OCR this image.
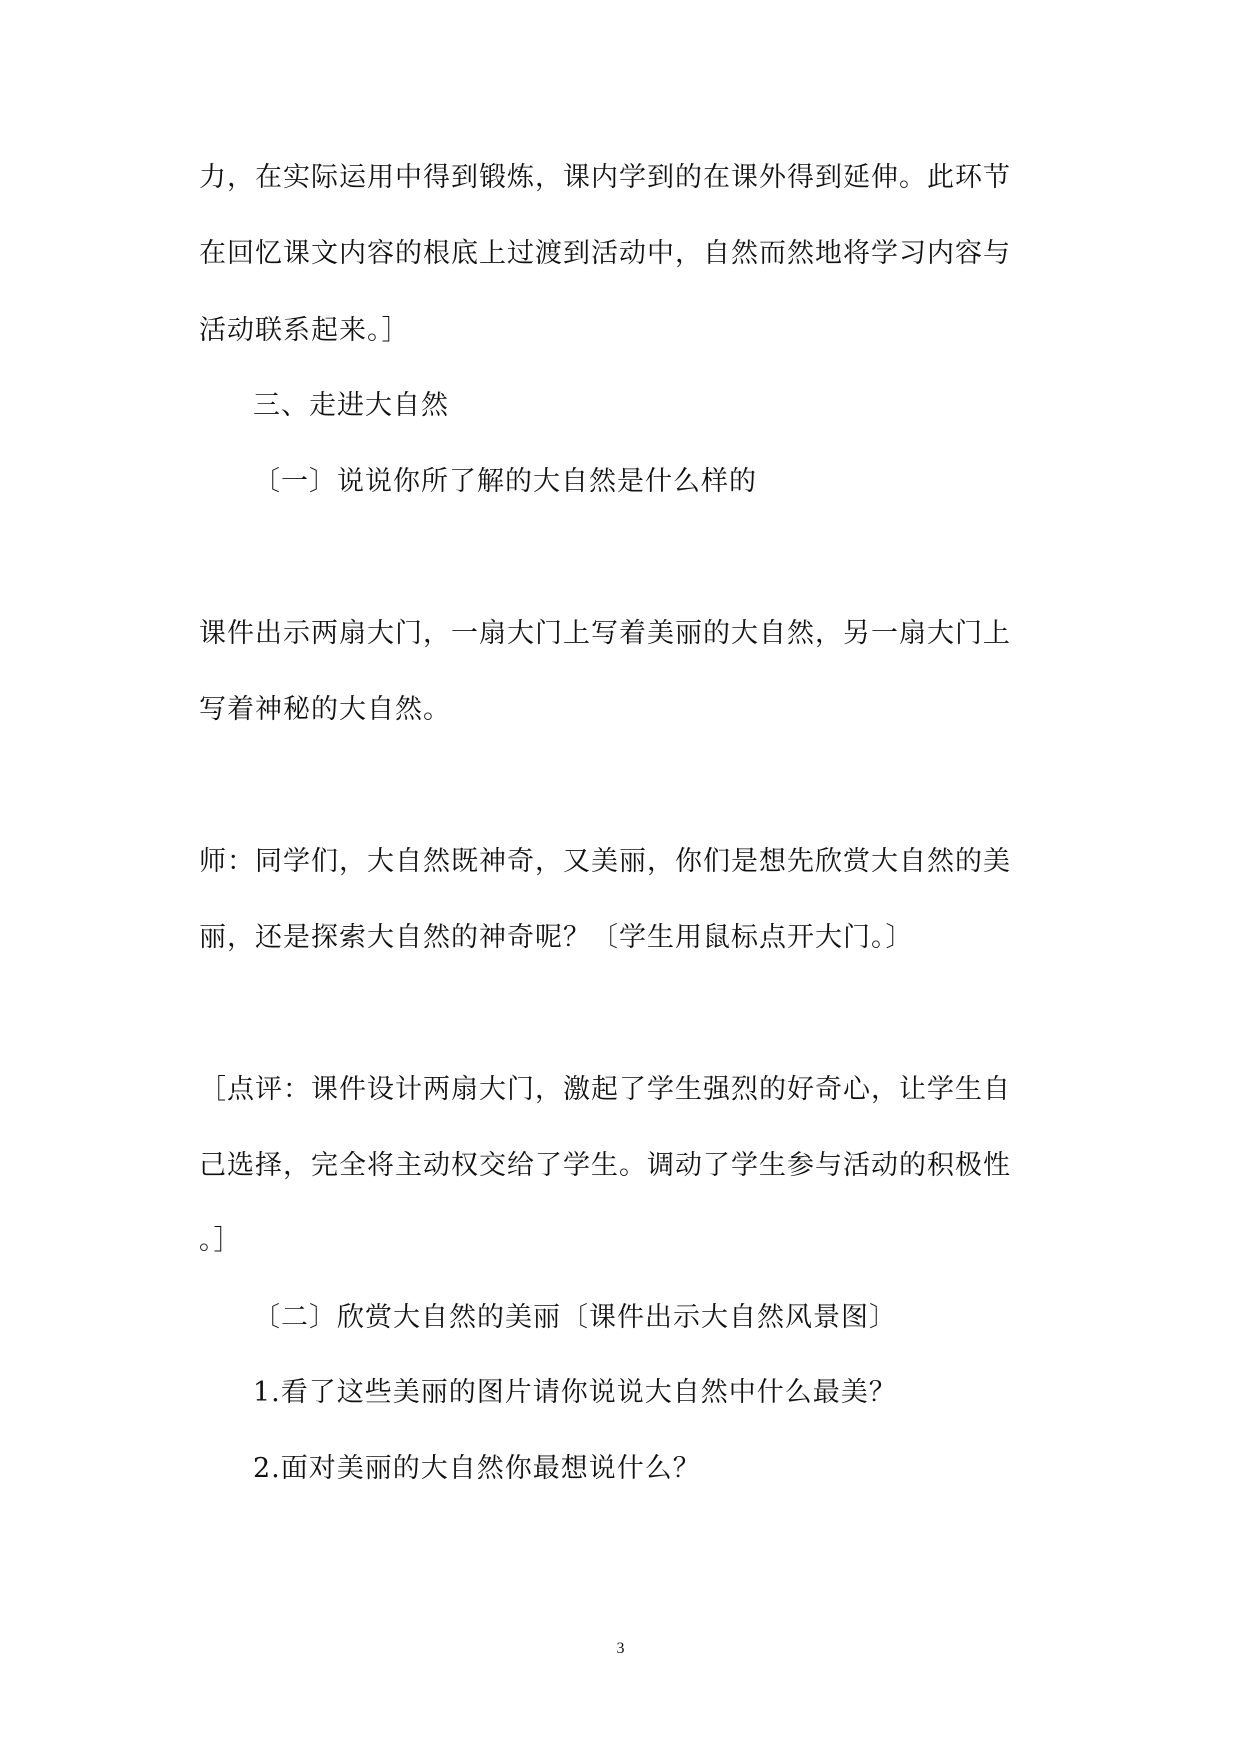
力，在实际运用中得到锻炼，课内学到的在课外得到延伸。此环节
在回忆课文内容的根底上过渡到活动中，自然而然地将学习内容与
活动联系起来。］
三、走进大自然
〔一〕说说你所了解的大自然是什么样的
课件出示两扇大门，一扇大门上写着美丽的大自然，另一扇大门上
写着神秘的大自然。
师：同学们，大自然既神奇，又美丽，你们是想先欣赏大自然的美
丽，还是探索大自然的神奇呢？〔学生用鼠标点开大门。〕
［点评：课件设计两扇大门，激起了学生强烈的好奇心，让学生自
己选择，完全将主动权交给了学生。调动了学生参与活动的积极性
。］
〔二〕欣赏大自然的美丽〔课件出示大自然风景图〕
1.看了这些美丽的图片请你说说大自然中什么最美？
2.面对美丽的大自然你最想说什么？
3
